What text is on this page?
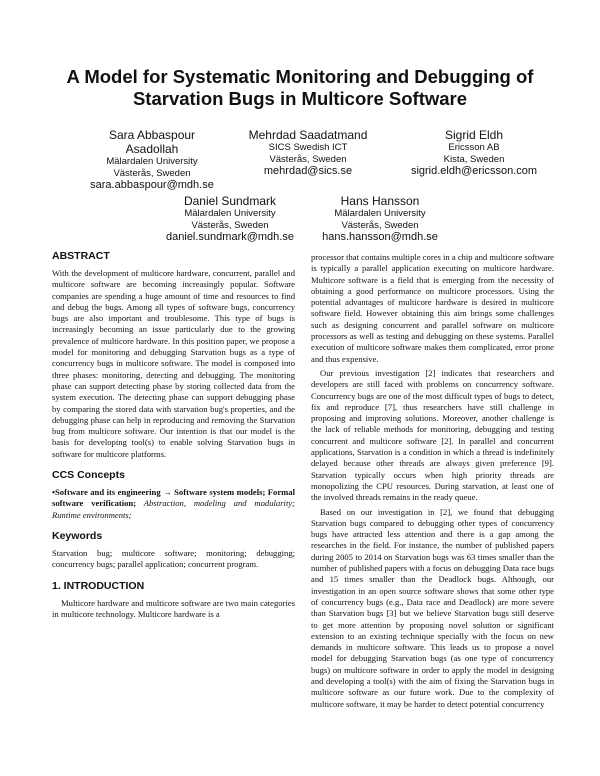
A Model for Systematic Monitoring and Debugging of
Starvation Bugs in Multicore Software
Sara Abbaspour
Asadollah
Mälardalen University
Västerås, Sweden
sara.abbaspour@mdh.se
Mehrdad Saadatmand
SICS Swedish ICT
Västerås, Sweden
mehrdad@sics.se
Sigrid Eldh
Ericsson AB
Kista, Sweden
sigrid.eldh@ericsson.com
Daniel Sundmark
Mälardalen University
Västerås, Sweden
daniel.sundmark@mdh.se
Hans Hansson
Mälardalen University
Västerås, Sweden
hans.hansson@mdh.se
ABSTRACT

With the development of multicore hardware, concurrent, parallel and multicore software are becoming increasingly popular. Software companies are spending a huge amount of time and resources to find and debug the bugs. Among all types of software bugs, concurrency bugs are also important and troublesome. This type of bugs is increasingly becoming an issue particularly due to the growing prevalence of multicore hardware. In this position paper, we propose a model for monitoring and debugging Starvation bugs as a type of concurrency bugs in multicore software. The model is composed into three phases: monitoring, detecting and debugging. The monitoring phase can support detecting phase by storing collected data from the system execution. The detecting phase can support debugging phase by comparing the stored data with starvation bug's properties, and the debugging phase can help in reproducing and removing the Starvation bug from multicore software. Our intention is that our model is the basis for developing tool(s) to enable solving Starvation bugs in software for multicore platforms.

CCS Concepts

•Software and its engineering → Software system models; Formal software verification; Abstraction, modeling and modularity; Runtime environments;

Keywords

Starvation bug; multicore software; monitoring; debugging; concurrency bugs; parallel application; concurrent program.

1. INTRODUCTION

Multicore hardware and multicore software are two main categories in multicore technology. Multicore hardware is a

processor that contains multiple cores in a chip and multicore software is typically a parallel application executing on multicore hardware. Multicore software is a field that is emerging from the necessity of obtaining a good performance on multicore processors. Using the potential advantages of multicore hardware is desired in multicore software field. However obtaining this aim brings some challenges such as designing concurrent and parallel software on multicore processors as well as testing and debugging on these systems. Parallel execution of multicore software makes them complicated, error prone and thus expensive.

Our previous investigation [2] indicates that researchers and developers are still faced with problems on concurrency software. Concurrency bugs are one of the most difficult types of bugs to detect, fix and reproduce [7], thus researchers have still challenge in proposing and improving solutions. Moreover, another challenge is the lack of reliable methods for monitoring, debugging and testing concurrent and multicore software [2]. In parallel and concurrent applications, Starvation is a condition in which a thread is indefinitely delayed because other threads are always given preference [9]. Starvation typically occurs when high priority threads are monopolizing the CPU resources. During starvation, at least one of the involved threads remains in the ready queue.

Based on our investigation in [2], we found that debugging Starvation bugs compared to debugging other types of concurrency bugs have attracted less attention and there is a gap among the researches in the field. For instance, the number of published papers during 2005 to 2014 on Starvation bugs was 63 times smaller than the number of published papers with a focus on debugging Data race bugs and 15 times smaller than the Deadlock bugs. Although, our investigation in an open source software shows that some other type of concurrency bugs (e.g., Data race and Deadlock) are more severe than Starvation bugs [3] but we believe Starvation bugs still deserve to get more attention by proposing novel solution or significant extension to an existing technique specially with the focus on new demands in multicore software. This leads us to propose a novel model for debugging Starvation bugs (as one type of concurrency bugs) on multicore software in order to apply the model in designing and developing a tool(s) with the aim of fixing the Starvation bugs in multicore software as our future work. Due to the complexity of multicore software, it may be harder to detect potential concurrency
